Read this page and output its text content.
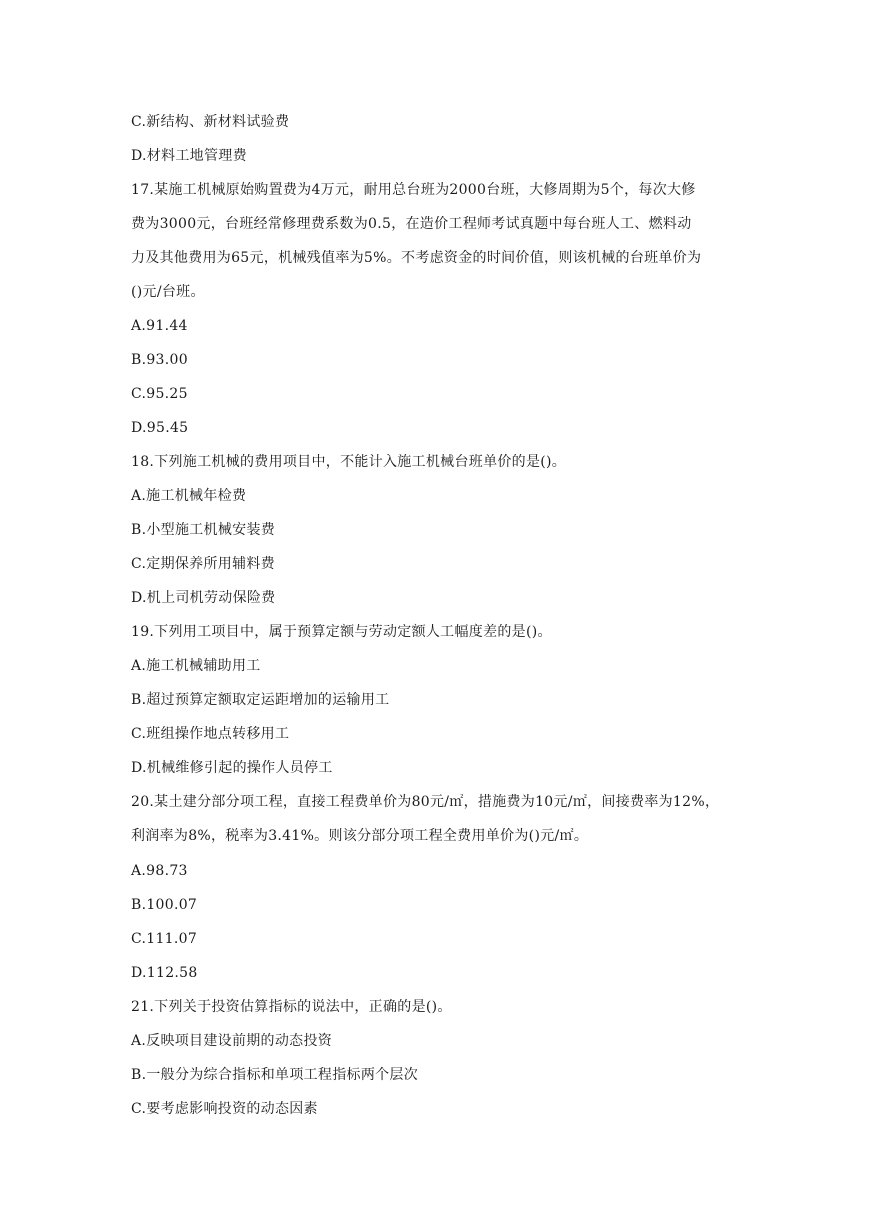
C.新结构、新材料试验费
D.材料工地管理费
17.某施工机械原始购置费为4万元，耐用总台班为2000台班，大修周期为5个，每次大修
费为3000元，台班经常修理费系数为0.5，在造价工程师考试真题中每台班人工、燃料动
力及其他费用为65元，机械残值率为5%。不考虑资金的时间价值，则该机械的台班单价为
()元/台班。
A.91.44
B.93.00
C.95.25
D.95.45
18.下列施工机械的费用项目中，不能计入施工机械台班单价的是()。
A.施工机械年检费
B.小型施工机械安装费
C.定期保养所用辅料费
D.机上司机劳动保险费
19.下列用工项目中，属于预算定额与劳动定额人工幅度差的是()。
A.施工机械辅助用工
B.超过预算定额取定运距增加的运输用工
C.班组操作地点转移用工
D.机械维修引起的操作人员停工
20.某土建分部分项工程，直接工程费单价为80元/㎡，措施费为10元/㎡，间接费率为12%，
利润率为8%，税率为3.41%。则该分部分项工程全费用单价为()元/㎡。
A.98.73
B.100.07
C.111.07
D.112.58
21.下列关于投资估算指标的说法中，正确的是()。
A.反映项目建设前期的动态投资
B.一般分为综合指标和单项工程指标两个层次
C.要考虑影响投资的动态因素
